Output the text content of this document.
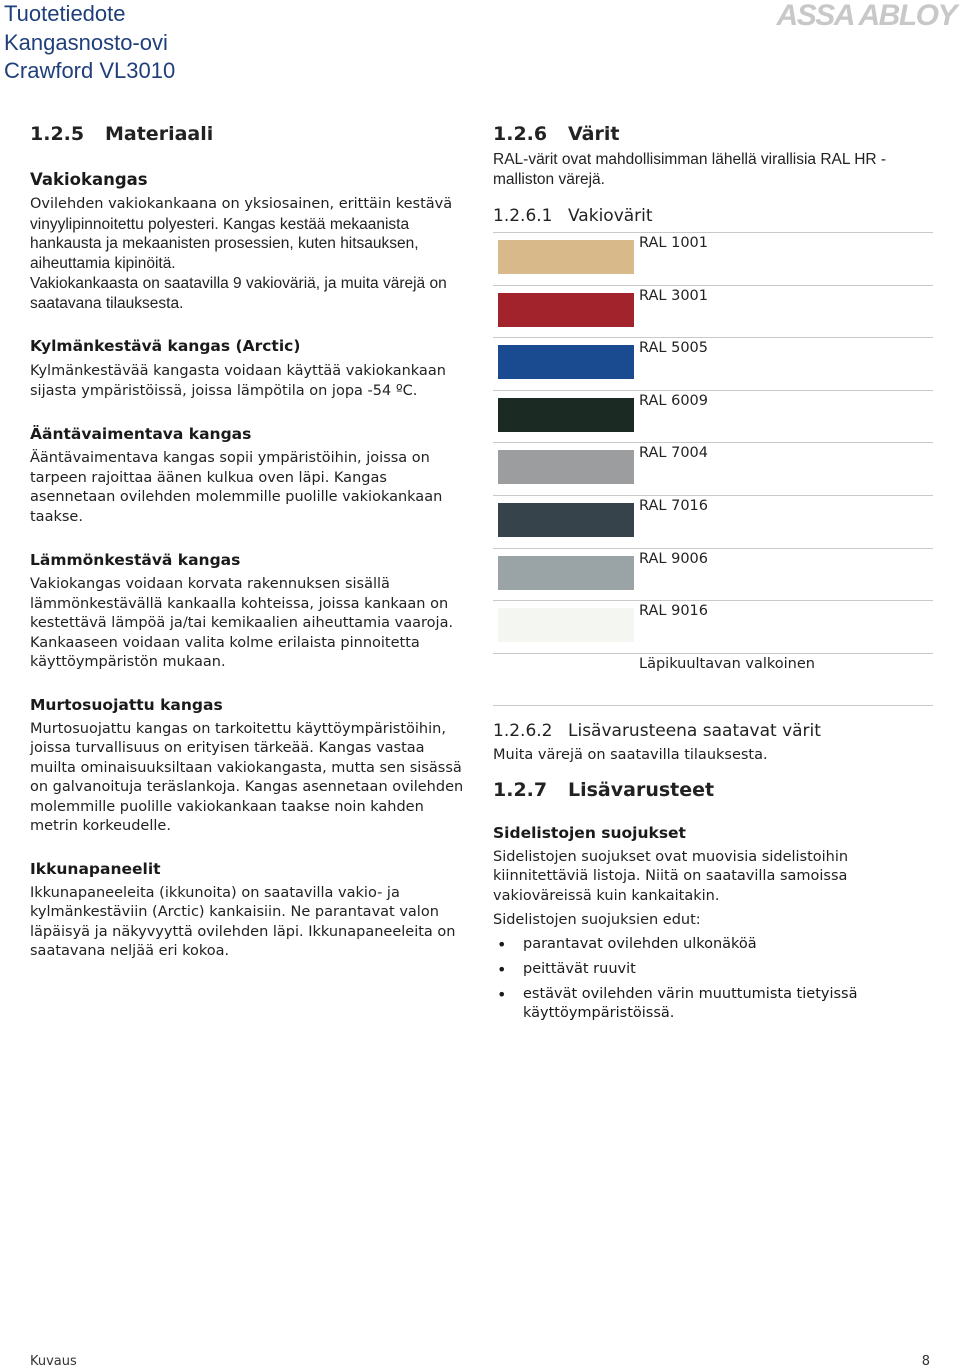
Tuotetiedote
Kangasnosto-ovi
Crawford VL3010
ASSA ABLOY
1.2.5 Materiaali
Vakiokangas

Ovilehden vakiokankaana on yksiosainen, erittäin kestävä

vinyylipinnoitettu polyesteri. Kangas kestää mekaanista hankausta ja mekaanisten prosessien, kuten hitsauksen, aiheuttamia kipinöitä.

Vakiokankaasta on saatavilla 9 vakioväriä, ja muita värejä on saatavana tilauksesta.

Kylmänkestävä kangas (Arctic)

Kylmänkestävää kangasta voidaan käyttää vakiokankaan sijasta ympäristöissä, joissa lämpötila on jopa -54 ºC.

Ääntävaimentava kangas

Ääntävaimentava kangas sopii ympäristöihin, joissa on tarpeen rajoittaa äänen kulkua oven läpi. Kangas asennetaan ovilehden molemmille puolille vakiokankaan taakse.

Lämmönkestävä kangas

Vakiokangas voidaan korvata rakennuksen sisällä lämmönkestävällä kankaalla kohteissa, joissa kankaan on kestettävä lämpöä ja/tai kemikaalien aiheuttamia vaaroja. Kankaaseen voidaan valita kolme erilaista pinnoitetta käyttöympäristön mukaan.

Murtosuojattu kangas

Murtosuojattu kangas on tarkoitettu käyttöympäristöihin, joissa turvallisuus on erityisen tärkeää. Kangas vastaa muilta ominaisuuksiltaan vakiokangasta, mutta sen sisässä on galvanoituja teräslankoja. Kangas asennetaan ovilehden molemmille puolille vakiokankaan taakse noin kahden metrin korkeudelle.

Ikkunapaneelit

Ikkunapaneeleita (ikkunoita) on saatavilla vakio- ja kylmänkestäviin (Arctic) kankaisiin. Ne parantavat valon läpäisyä ja näkyvyyttä ovilehden läpi. Ikkunapaneeleita on saatavana neljää eri kokoa.

1.2.6 Värit

RAL-värit ovat mahdollisimman lähellä virallisia RAL HR -malliston värejä.

1.2.6.1 Vakiovärit
RAL 1001
RAL 3001
RAL 5005
RAL 6009
RAL 7004
RAL 7016
RAL 9006
RAL 9016
Läpikuultavan valkoinen
1.2.6.2 Lisävarusteena saatavat värit

Muita värejä on saatavilla tilauksesta.

1.2.7 Lisävarusteet
Sidelistojen suojukset

Sidelistojen suojukset ovat muovisia sidelistoihin kiinnitettäviä listoja. Niitä on saatavilla samoissa vakioväreissä kuin kankaitakin.

Sidelistojen suojuksien edut:

• parantavat ovilehden ulkonäköä
• peittävät ruuvit
• estävät ovilehden värin muuttumista tietyissä käyttöympäristöissä.
Kuvaus	8
